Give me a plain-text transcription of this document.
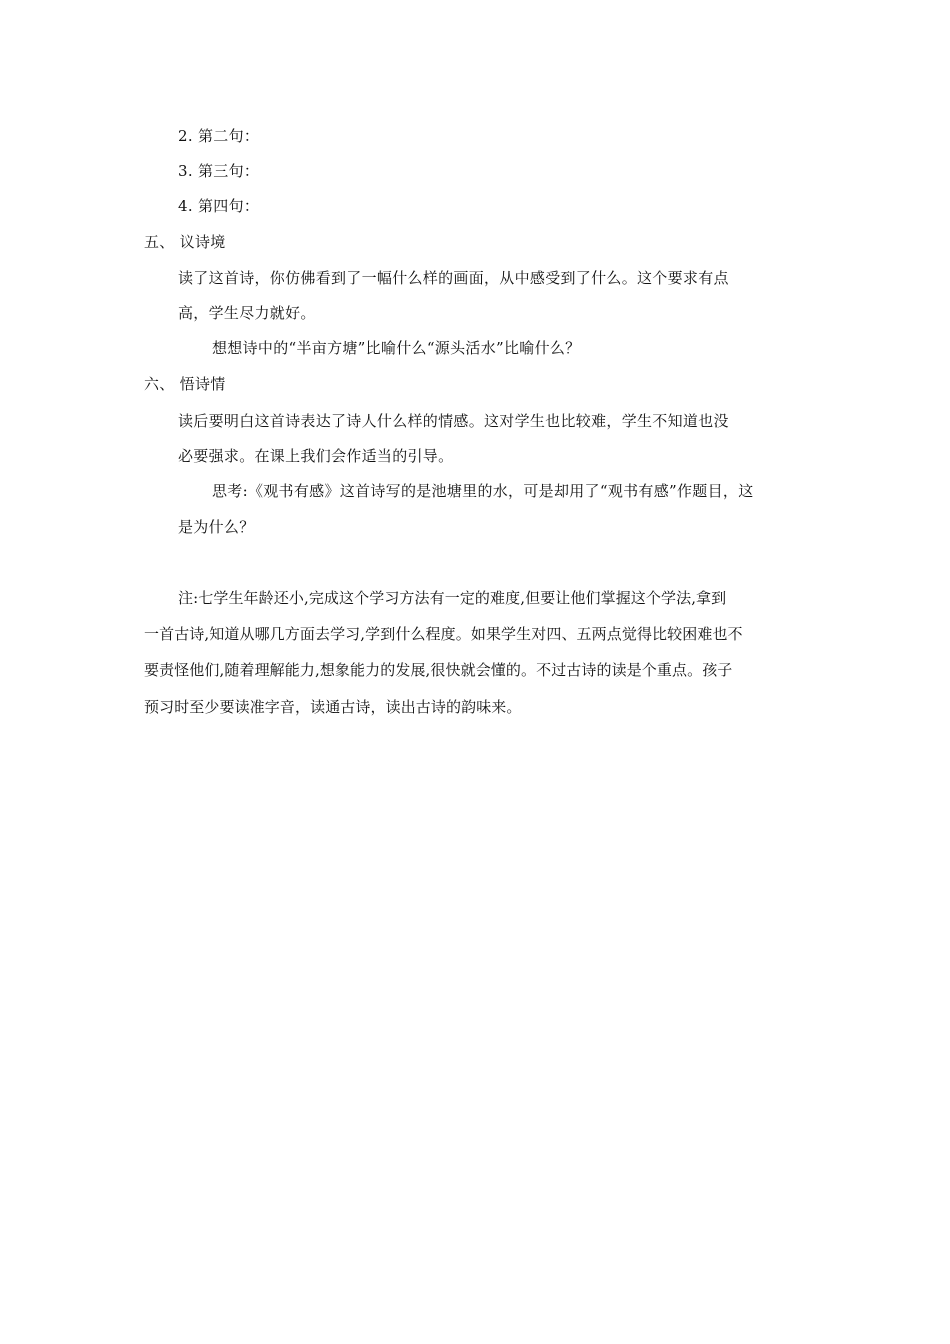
2. 第二句：
3. 第三句：
4. 第四句：
五、 议诗境
读了这首诗，你仿佛看到了一幅什么样的画面，从中感受到了什么。这个要求有点
高，学生尽力就好。
想想诗中的“半亩方塘”比喻什么“源头活水”比喻什么？
六、 悟诗情
读后要明白这首诗表达了诗人什么样的情感。这对学生也比较难，学生不知道也没
必要强求。在课上我们会作适当的引导。
思考:《观书有感》这首诗写的是池塘里的水，可是却用了“观书有感”作题目，这
是为什么？
注:七学生年龄还小,完成这个学习方法有一定的难度,但要让他们掌握这个学法,拿到
一首古诗,知道从哪几方面去学习,学到什么程度。如果学生对四、五两点觉得比较困难也不
要责怪他们,随着理解能力,想象能力的发展,很快就会懂的。不过古诗的读是个重点。孩子
预习时至少要读准字音，读通古诗，读出古诗的韵味来。
